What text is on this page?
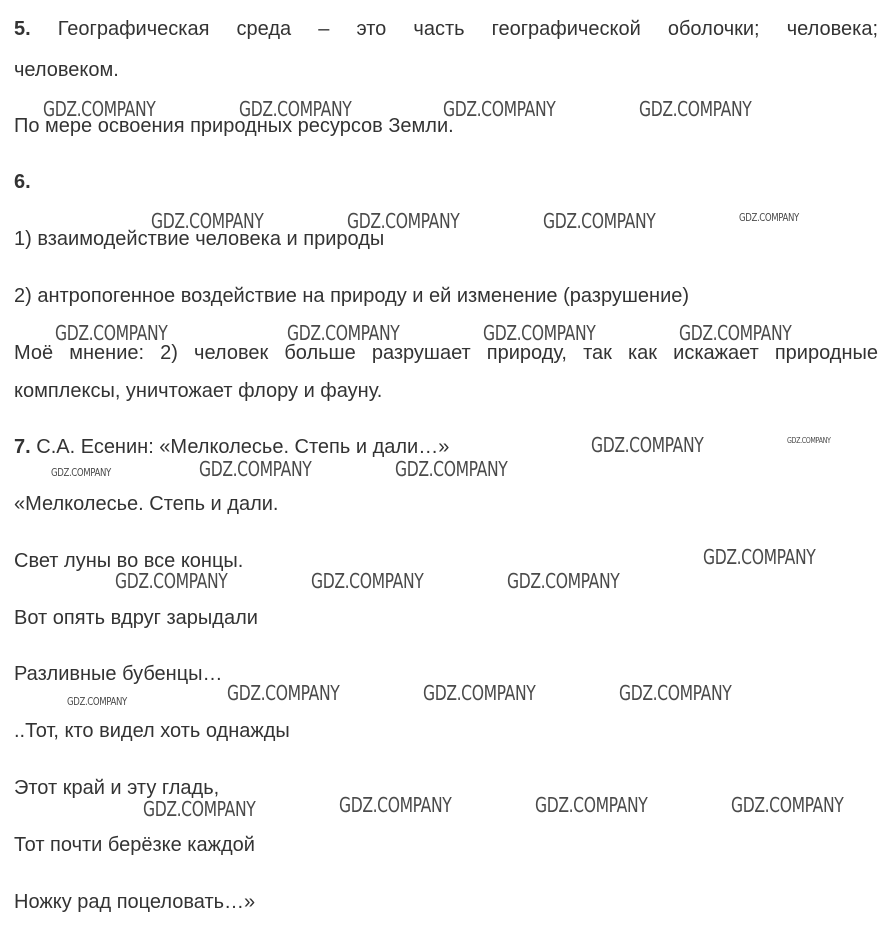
5. Географическая среда – это часть географической оболочки; человека;
человеком.
По мере освоения природных ресурсов Земли.
6.
1) взаимодействие человека и природы
2) антропогенное воздействие на природу и ей изменение (разрушение)
Моё мнение: 2) человек больше разрушает природу, так как искажает природные
комплексы, уничтожает флору и фауну.
7. С.А. Есенин: «Мелколесье. Степь и дали…»
«Мелколесье. Степь и дали.
Свет луны во все концы.
Вот опять вдруг зарыдали
Разливные бубенцы…
..Тот, кто видел хоть однажды
Этот край и эту гладь,
Тот почти берёзке каждой
Ножку рад поцеловать…»
GDZ.COMPANY	GDZ.COMPANY	GDZ.COMPANY	GDZ.COMPANY
GDZ.COMPANY	GDZ.COMPANY	GDZ.COMPANY	GDZ.COMPANY
GDZ.COMPANY	GDZ.COMPANY	GDZ.COMPANY	GDZ.COMPANY
GDZ.COMPANY	GDZ.COMPANY
GDZ.COMPANY	GDZ.COMPANY	GDZ.COMPANY
GDZ.COMPANY
GDZ.COMPANY	GDZ.COMPANY	GDZ.COMPANY
GDZ.COMPANY	GDZ.COMPANY	GDZ.COMPANY	GDZ.COMPANY
GDZ.COMPANY	GDZ.COMPANY	GDZ.COMPANY	GDZ.COMPANY
